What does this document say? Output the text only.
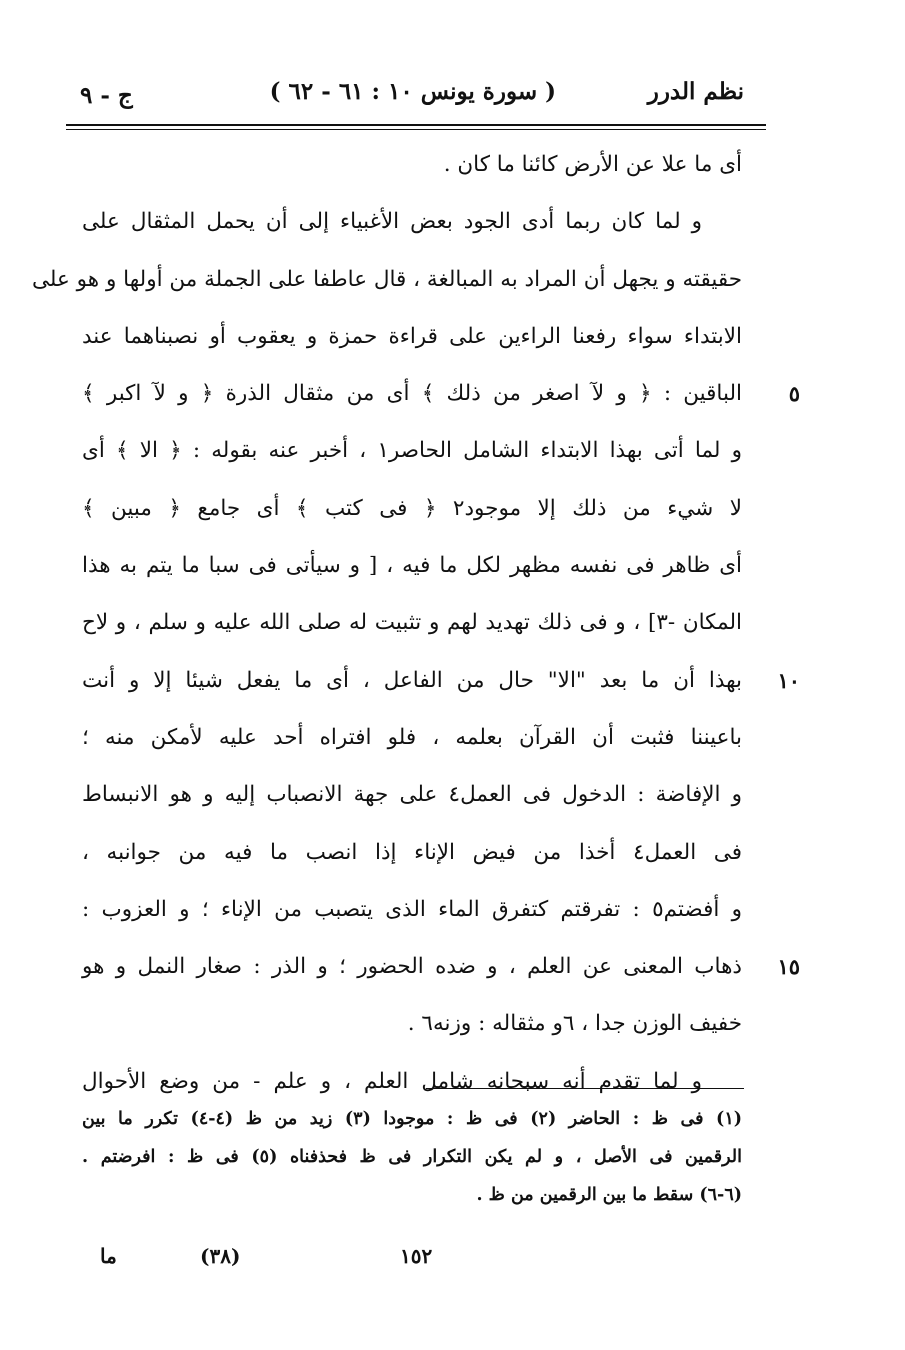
نظم الدرر
( سورة يونس ١٠ : ٦١ - ٦٢ )
ج - ٩
أى ما علا عن الأرض كائنا ما كان .
و لما كان ربما أدى الجود بعض الأغبياء إلى أن يحمل المثقال على
حقيقته و يجهل أن المراد به المبالغة ، قال عاطفا على الجملة من أولها و هو على
الابتداء سواء رفعنا الراءين على قراءة حمزة و يعقوب أو نصبناهما عند
٥
الباقين : ﴿ و لآ اصغر من ذلك ﴾ أى من مثقال الذرة ﴿ و لآ اكبر ﴾
و لما أتى بهذا الابتداء الشامل الحاصر١ ، أخبر عنه بقوله : ﴿ الا ﴾ أى
لا شيء من ذلك إلا موجود٢ ﴿ فى كتب ﴾ أى جامع ﴿ مبين ﴾
أى ظاهر فى نفسه مظهر لكل ما فيه ، [ و سيأتى فى سبا ما يتم به هذا
المكان -٣] ، و فى ذلك تهديد لهم و تثبيت له صلى الله عليه و سلم ، و لاح
١٠
بهذا أن ما بعد "الا" حال من الفاعل ، أى ما يفعل شيئا إلا و أنت
باعيننا فثبت أن القرآن بعلمه ، فلو افتراه أحد عليه لأمكن منه ؛
و الإفاضة : الدخول فى العمل٤ على جهة الانصباب إليه و هو الانبساط
فى العمل٤ أخذا من فيض الإناء إذا انصب ما فيه من جوانبه ،
و أفضتم٥ : تفرقتم كتفرق الماء الذى يتصبب من الإناء ؛ و العزوب :
١٥
ذهاب المعنى عن العلم ، و ضده الحضور ؛ و الذر : صغار النمل و هو
خفيف الوزن جدا ، ٦و مثقاله : وزنه٦ .
و لما تقدم أنه سبحانه شامل العلم ، و علم - من وضع الأحوال
(١) فى ظ : الحاضر (٢) فى ظ : موجودا (٣) زيد من ظ (٤-٤) تكرر ما بين
الرقمين فى الأصل ، و لم يكن التكرار فى ظ فحذفناه (٥) فى ظ : افرضتم .
(٦-٦) سقط ما بين الرقمين من ظ .
ما	(٣٨)	١٥٢
